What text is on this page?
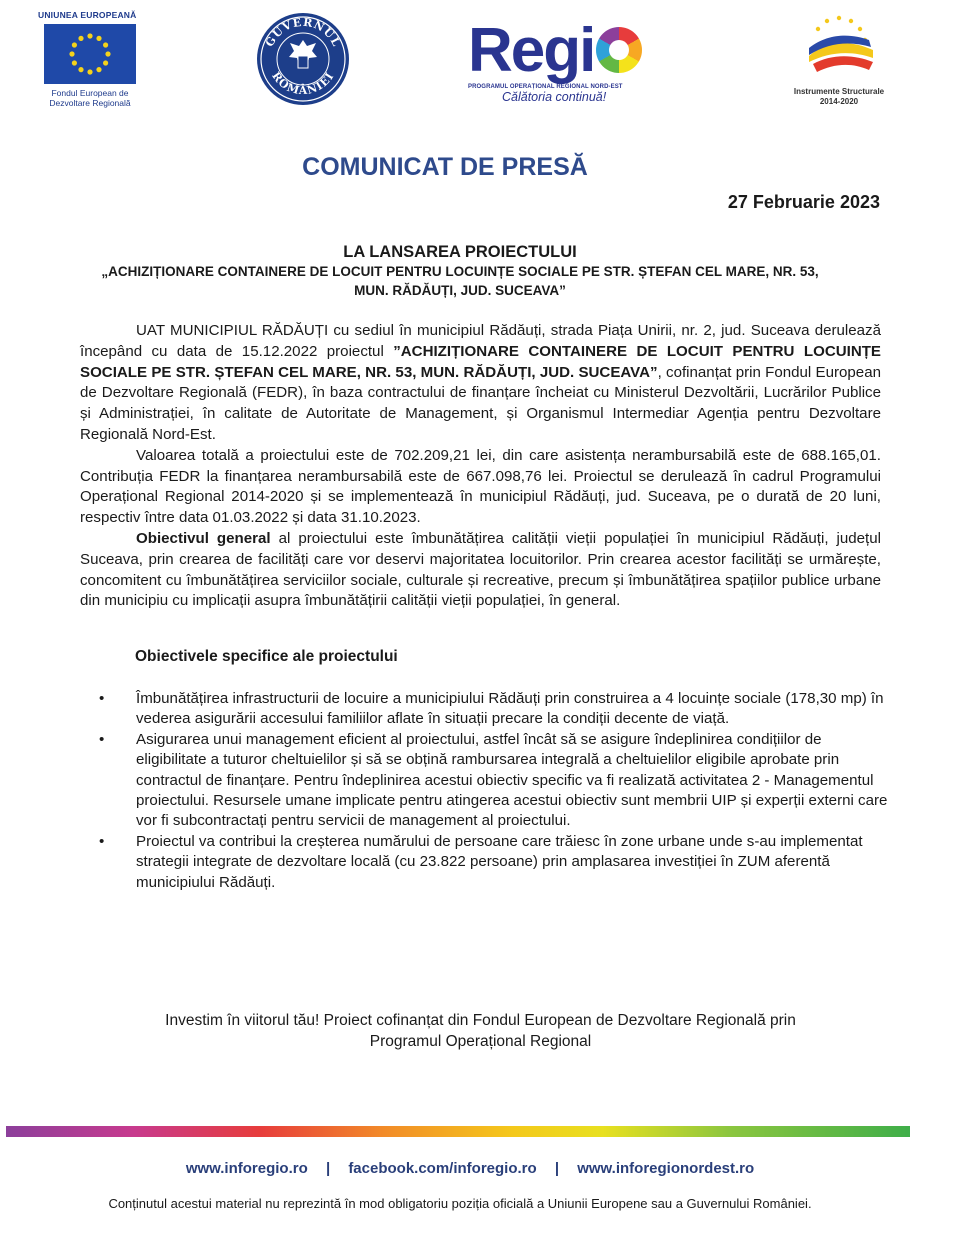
UNIUNEA EUROPEANĂ
Fondul European de
Dezvoltare Regională
GUVERNUL
ROMÂNIEI Regi
PROGRAMUL OPERAȚIONAL REGIONAL NORD-EST
Călătoria continuă!	Instrumente Structurale
2014-2020
COMUNICAT DE PRESĂ
27 Februarie 2023
LA LANSAREA PROIECTULUI
„ACHIZIȚIONARE CONTAINERE DE LOCUIT PENTRU LOCUINȚE SOCIALE PE STR. ȘTEFAN CEL MARE, NR. 53,
MUN. RĂDĂUȚI, JUD. SUCEAVA”

UAT MUNICIPIUL RĂDĂUȚI cu sediul în municipiul Rădăuți, strada Piața Unirii, nr. 2, jud. Suceava derulează începând cu data de 15.12.2022 proiectul ”ACHIZIȚIONARE CONTAINERE DE LOCUIT PENTRU LOCUINȚE SOCIALE PE STR. ȘTEFAN CEL MARE, NR. 53, MUN. RĂDĂUȚI, JUD. SUCEAVA”, cofinanțat prin Fondul European de Dezvoltare Regională (FEDR), în baza contractului de finanțare încheiat cu Ministerul Dezvoltării, Lucrărilor Publice și Administrației, în calitate de Autoritate de Management, și Organismul Intermediar Agenția pentru Dezvoltare Regională Nord-Est.

Valoarea totală a proiectului este de 702.209,21 lei, din care asistența nerambursabilă este de 688.165,01. Contribuția FEDR la finanțarea nerambursabilă este de 667.098,76 lei. Proiectul se derulează în cadrul Programului Operațional Regional 2014-2020 și se implementează în municipiul Rădăuți, jud. Suceava, pe o durată de 20 luni, respectiv între data 01.03.2022 și data 31.10.2023.

Obiectivul general al proiectului este îmbunătățirea calității vieții populației în municipiul Rădăuți, județul Suceava, prin crearea de facilități care vor deservi majoritatea locuitorilor. Prin crearea acestor facilități se urmărește, concomitent cu îmbunătățirea serviciilor sociale, culturale și recreative, precum și îmbunătățirea spațiilor publice urbane din municipiu cu implicații asupra îmbunătățirii calității vieții populației, în general.

Obiectivele specifice ale proiectului
• Îmbunătățirea infrastructurii de locuire a municipiului Rădăuți prin construirea a 4 locuințe sociale (178,30 mp) în vederea asigurării accesului familiilor aflate în situații precare la condiții decente de viață.
• Asigurarea unui management eficient al proiectului, astfel încât să se asigure îndeplinirea condițiilor de eligibilitate a tuturor cheltuielilor și să se obțină rambursarea integrală a cheltuielilor eligibile aprobate prin contractul de finanțare. Pentru îndeplinirea acestui obiectiv specific va fi realizată activitatea 2 - Managementul proiectului. Resursele umane implicate pentru atingerea acestui obiectiv sunt membrii UIP și experții externi care vor fi subcontractați pentru servicii de management al proiectului.
• Proiectul va contribui la creșterea numărului de persoane care trăiesc în zone urbane unde s-au implementat strategii integrate de dezvoltare locală (cu 23.822 persoane) prin amplasarea investiției în ZUM aferentă municipiului Rădăuți.
Investim în viitorul tău! Proiect cofinanțat din Fondul European de Dezvoltare Regională prin
Programul Operațional Regional
www.inforegio.ro | facebook.com/inforegio.ro | www.inforegionordest.ro
Conținutul acestui material nu reprezintă în mod obligatoriu poziția oficială a Uniunii Europene sau a Guvernului României.
